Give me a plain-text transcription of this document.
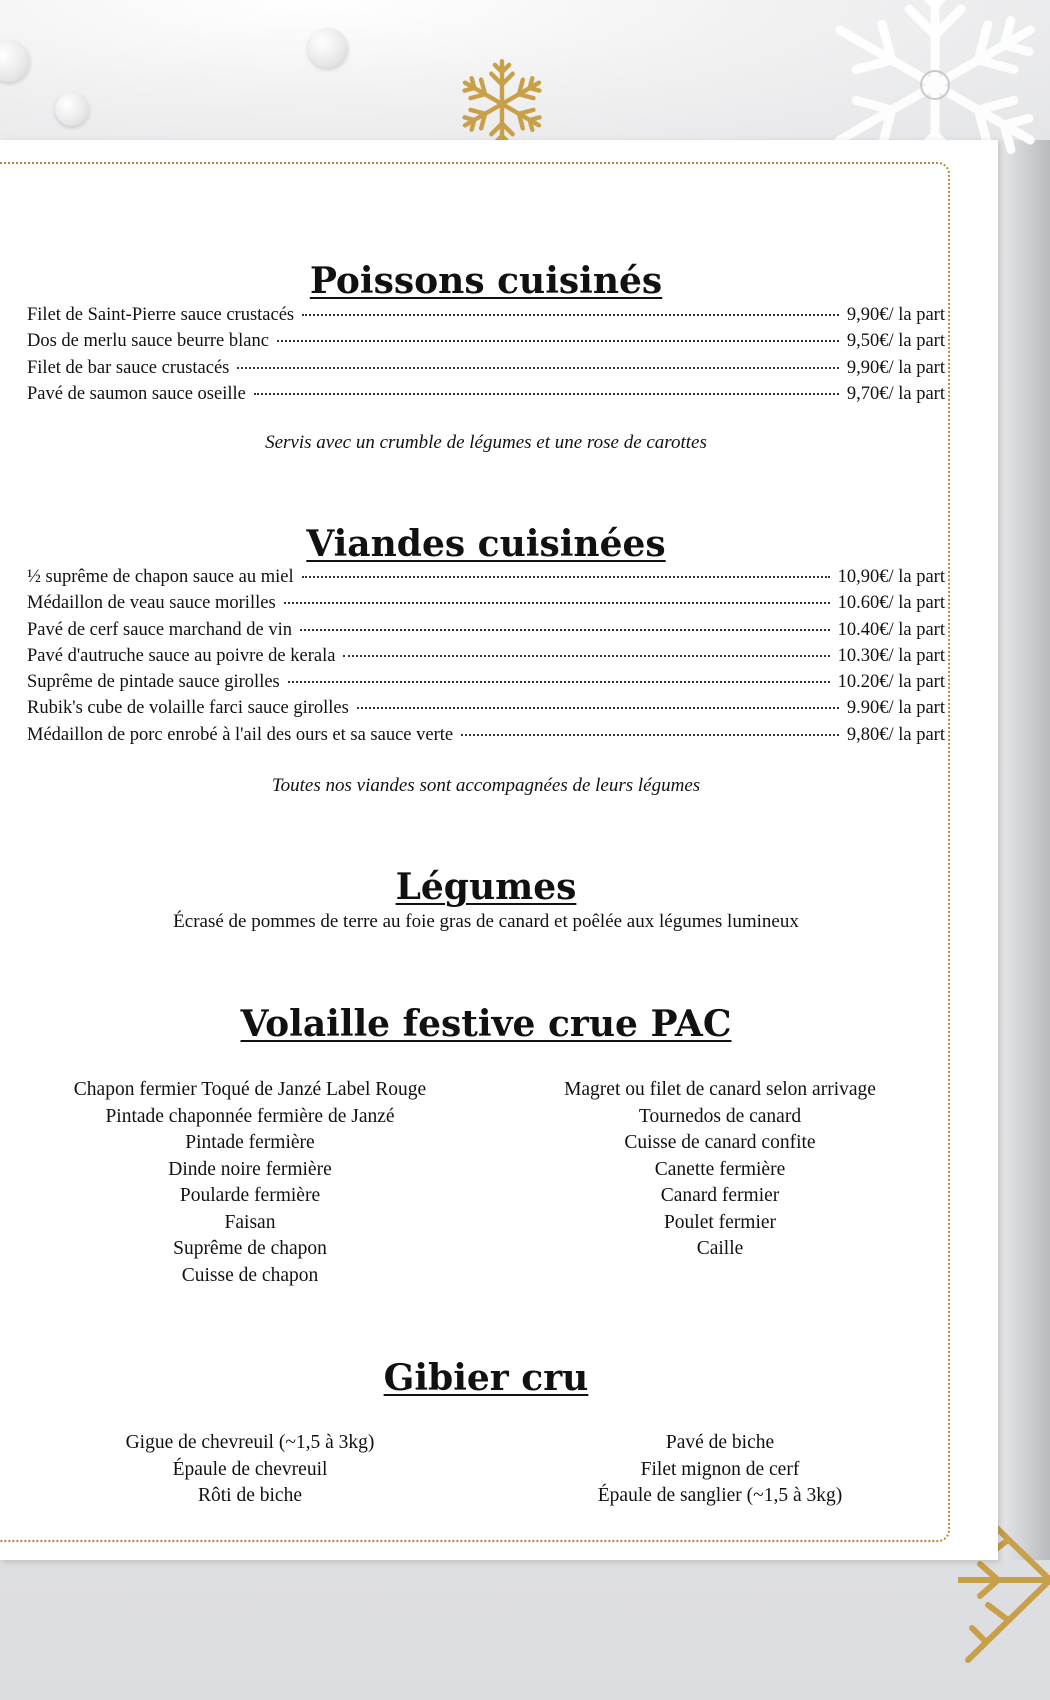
Poissons cuisinés
Filet de Saint-Pierre sauce crustacés	9,90€/ la part
Dos de merlu sauce beurre blanc	9,50€/ la part
Filet de bar sauce crustacés	9,90€/ la part
Pavé de saumon sauce oseille	9,70€/ la part
Servis avec un crumble de légumes et une rose de carottes
Viandes cuisinées
½ suprême de chapon sauce au miel	10,90€/ la part
Médaillon de veau sauce morilles	10.60€/ la part
Pavé de cerf sauce marchand de vin	10.40€/ la part
Pavé d'autruche sauce au poivre de kerala	10.30€/ la part
Suprême de pintade sauce girolles	10.20€/ la part
Rubik's cube de volaille farci sauce girolles	9.90€/ la part
Médaillon de porc enrobé à l'ail des ours et sa sauce verte	9,80€/ la part
Toutes nos viandes sont accompagnées de leurs légumes
Légumes
Écrasé de pommes de terre au foie gras de canard et poêlée aux légumes lumineux
Volaille festive crue PAC
Chapon fermier Toqué de Janzé Label Rouge
Pintade chaponnée fermière de Janzé
Pintade fermière
Dinde noire fermière
Poularde fermière
Faisan
Suprême de chapon
Cuisse de chapon
Magret ou filet de canard selon arrivage
Tournedos de canard
Cuisse de canard confite
Canette fermière
Canard fermier
Poulet fermier
Caille
Gibier cru
Gigue de chevreuil (~1,5 à 3kg)
Épaule de chevreuil
Rôti de biche
Pavé de biche
Filet mignon de cerf
Épaule de sanglier (~1,5 à 3kg)
